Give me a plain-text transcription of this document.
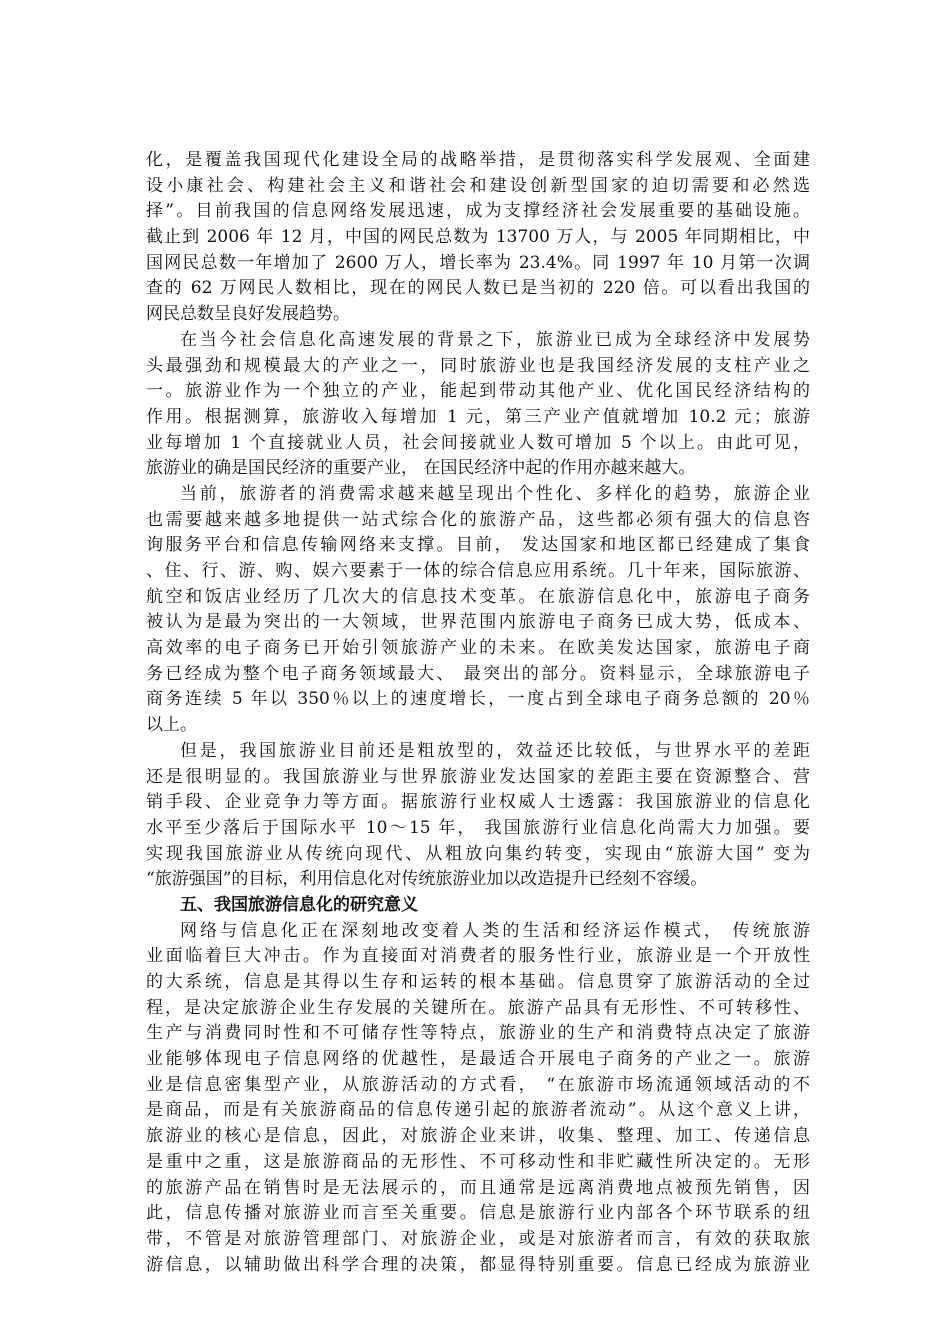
化，是覆盖我国现代化建设全局的战略举措，是贯彻落实科学发展观、全面建
设小康社会、构建社会主义和谐社会和建设创新型国家的迫切需要和必然选
择”。目前我国的信息网络发展迅速，成为支撑经济社会发展重要的基础设施。
截止到 2006 年 12 月，中国的网民总数为 13700 万人，与 2005 年同期相比，中
国网民总数一年增加了 2600 万人，增长率为 23.4%。同 1997 年 10 月第一次调
查的 62 万网民人数相比，现在的网民人数已是当初的 220 倍。可以看出我国的
网民总数呈良好发展趋势。
在当今社会信息化高速发展的背景之下，旅游业已成为全球经济中发展势
头最强劲和规模最大的产业之一，同时旅游业也是我国经济发展的支柱产业之
一。旅游业作为一个独立的产业，能起到带动其他产业、优化国民经济结构的
作用。根据测算，旅游收入每增加 1 元，第三产业产值就增加 10.2 元；旅游
业每增加 1 个直接就业人员，社会间接就业人数可增加 5 个以上。由此可见，
旅游业的确是国民经济的重要产业， 在国民经济中起的作用亦越来越大。
当前，旅游者的消费需求越来越呈现出个性化、多样化的趋势，旅游企业
也需要越来越多地提供一站式综合化的旅游产品，这些都必须有强大的信息咨
询服务平台和信息传输网络来支撑。目前， 发达国家和地区都已经建成了集食
、住、行、游、购、娱六要素于一体的综合信息应用系统。几十年来，国际旅游、
航空和饭店业经历了几次大的信息技术变革。在旅游信息化中，旅游电子商务
被认为是最为突出的一大领域，世界范围内旅游电子商务已成大势，低成本、
高效率的电子商务已开始引领旅游产业的未来。在欧美发达国家，旅游电子商
务已经成为整个电子商务领域最大、 最突出的部分。资料显示，全球旅游电子
商务连续 5 年以 350％以上的速度增长，一度占到全球电子商务总额的 20％
以上。
但是，我国旅游业目前还是粗放型的，效益还比较低，与世界水平的差距
还是很明显的。我国旅游业与世界旅游业发达国家的差距主要在资源整合、营
销手段、企业竞争力等方面。据旅游行业权威人士透露：我国旅游业的信息化
水平至少落后于国际水平 10～15 年， 我国旅游行业信息化尚需大力加强。要
实现我国旅游业从传统向现代、从粗放向集约转变，实现由“旅游大国” 变为
“旅游强国”的目标，利用信息化对传统旅游业加以改造提升已经刻不容缓。
五、我国旅游信息化的研究意义
网络与信息化正在深刻地改变着人类的生活和经济运作模式， 传统旅游
业面临着巨大冲击。作为直接面对消费者的服务性行业，旅游业是一个开放性
的大系统，信息是其得以生存和运转的根本基础。信息贯穿了旅游活动的全过
程，是决定旅游企业生存发展的关键所在。旅游产品具有无形性、不可转移性、
生产与消费同时性和不可储存性等特点，旅游业的生产和消费特点决定了旅游
业能够体现电子信息网络的优越性，是最适合开展电子商务的产业之一。旅游
业是信息密集型产业，从旅游活动的方式看， “在旅游市场流通领域活动的不
是商品，而是有关旅游商品的信息传递引起的旅游者流动”。从这个意义上讲，
旅游业的核心是信息，因此，对旅游企业来讲，收集、整理、加工、传递信息
是重中之重，这是旅游商品的无形性、不可移动性和非贮藏性所决定的。无形
的旅游产品在销售时是无法展示的，而且通常是远离消费地点被预先销售，因
此，信息传播对旅游业而言至关重要。信息是旅游行业内部各个环节联系的纽
带，不管是对旅游管理部门、对旅游企业，或是对旅游者而言，有效的获取旅
游信息，以辅助做出科学合理的决策，都显得特别重要。信息已经成为旅游业
